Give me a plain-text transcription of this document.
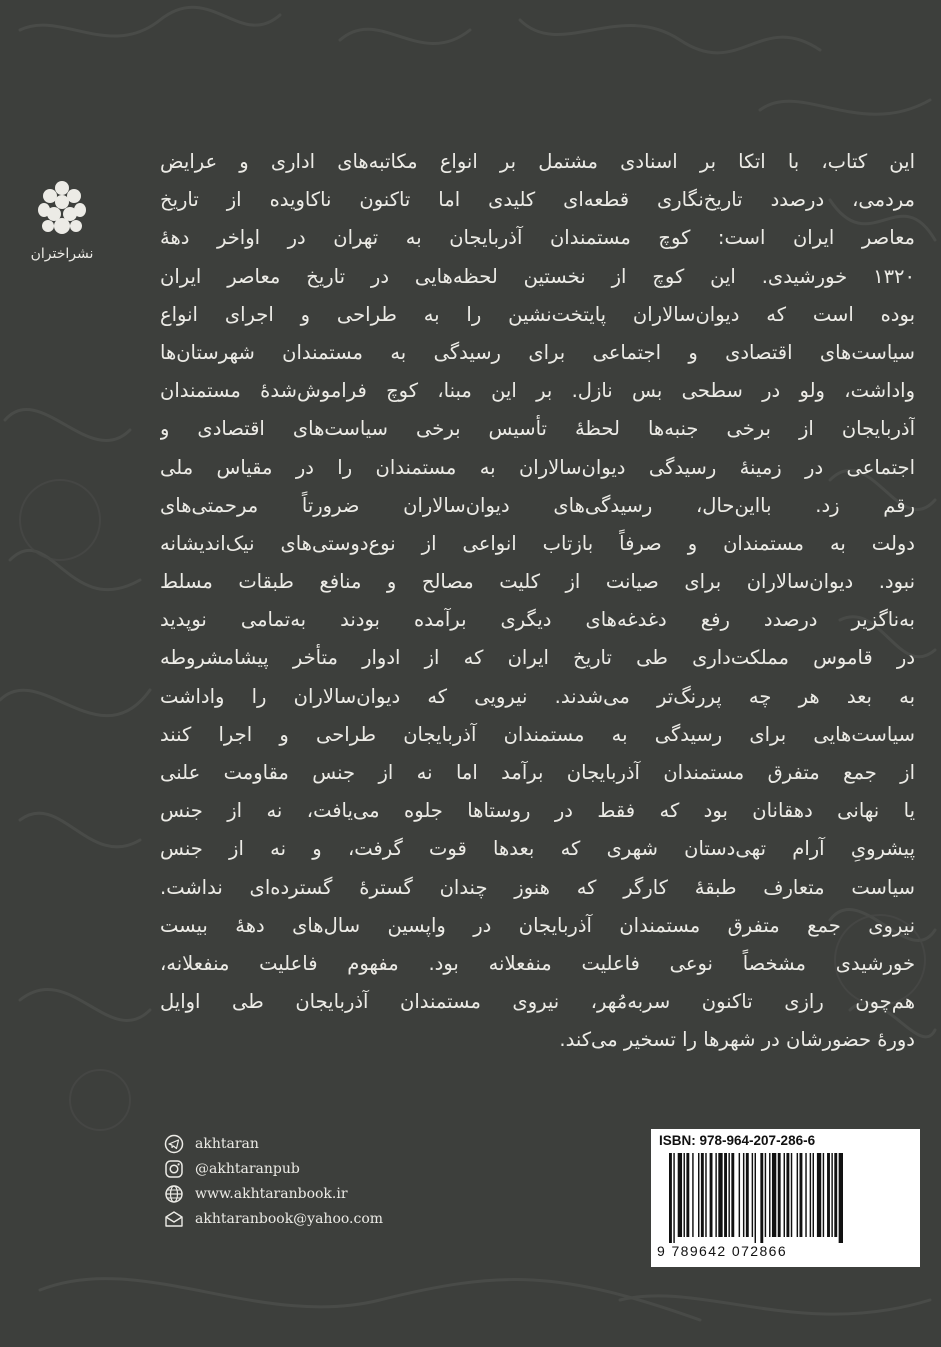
نشراختران
این کتاب، با اتکا بر اسنادی مشتمل بر انواع مکاتبه‌های اداری و عرایض
مردمی، درصدد تاریخ‌نگاری قطعه‌ای کلیدی اما تاکنون ناکاویده از تاریخ
معاصر ایران است: کوچ مستمندان آذربایجان به تهران در اواخر دههٔ
۱۳۲۰ خورشیدی. این کوچ از نخستین لحظه‌هایی در تاریخ معاصر ایران
بوده است که دیوان‌سالاران پایتخت‌نشین را به طراحی و اجرای انواع
سیاست‌های اقتصادی و اجتماعی برای رسیدگی به مستمندان شهرستان‌ها
واداشت، ولو در سطحی بس نازل. بر این مبنا، کوچ فراموش‌شدهٔ مستمندان
آذربایجان از برخی جنبه‌ها لحظهٔ تأسیس برخی سیاست‌های اقتصادی و
اجتماعی در زمینهٔ رسیدگی دیوان‌سالاران به مستمندان را در مقیاس ملی
رقم زد. بااین‌حال، رسیدگی‌های دیوان‌سالاران ضرورتاً مرحمتی‌های
دولت به مستمندان و صرفاً بازتاب انواعی از نوع‌دوستی‌های نیک‌اندیشانه
نبود. دیوان‌سالاران برای صیانت از کلیت مصالح و منافع طبقات مسلط
به‌ناگزیر درصدد رفع دغدغه‌های دیگری برآمده بودند به‌تمامی نوپدید
در قاموس مملکت‌داری طی تاریخ ایران که از ادوار متأخر پیشامشروطه
به بعد هر چه پررنگ‌تر می‌شدند. نیرویی که دیوان‌سالاران را واداشت
سیاست‌هایی برای رسیدگی به مستمندان آذربایجان طراحی و اجرا کنند
از جمع متفرق مستمندان آذربایجان برآمد اما نه از جنس مقاومت علنی
یا نهانی دهقانان بود که فقط در روستاها جلوه می‌یافت، نه از جنس
پیشرویِ آرام تهی‌دستان شهری که بعدها قوت گرفت، و نه از جنس
سیاست متعارف طبقهٔ کارگر که هنوز چندان گسترهٔ گسترده‌ای نداشت.
نیروی جمع متفرق مستمندان آذربایجان در واپسین سال‌های دههٔ بیست
خورشیدی مشخصاً نوعی فاعلیت منفعلانه بود. مفهوم فاعلیت منفعلانه،
هم‌چون رازی تاکنون سربه‌مُهر، نیروی مستمندان آذربایجان طی اوایل
دورهٔ حضورشان در شهرها را تسخیر می‌کند.
akhtaran
@akhtaranpub
www.akhtaranbook.ir
akhtaranbook@yahoo.com
ISBN: 978-964-207-286-6
9 789642 072866
